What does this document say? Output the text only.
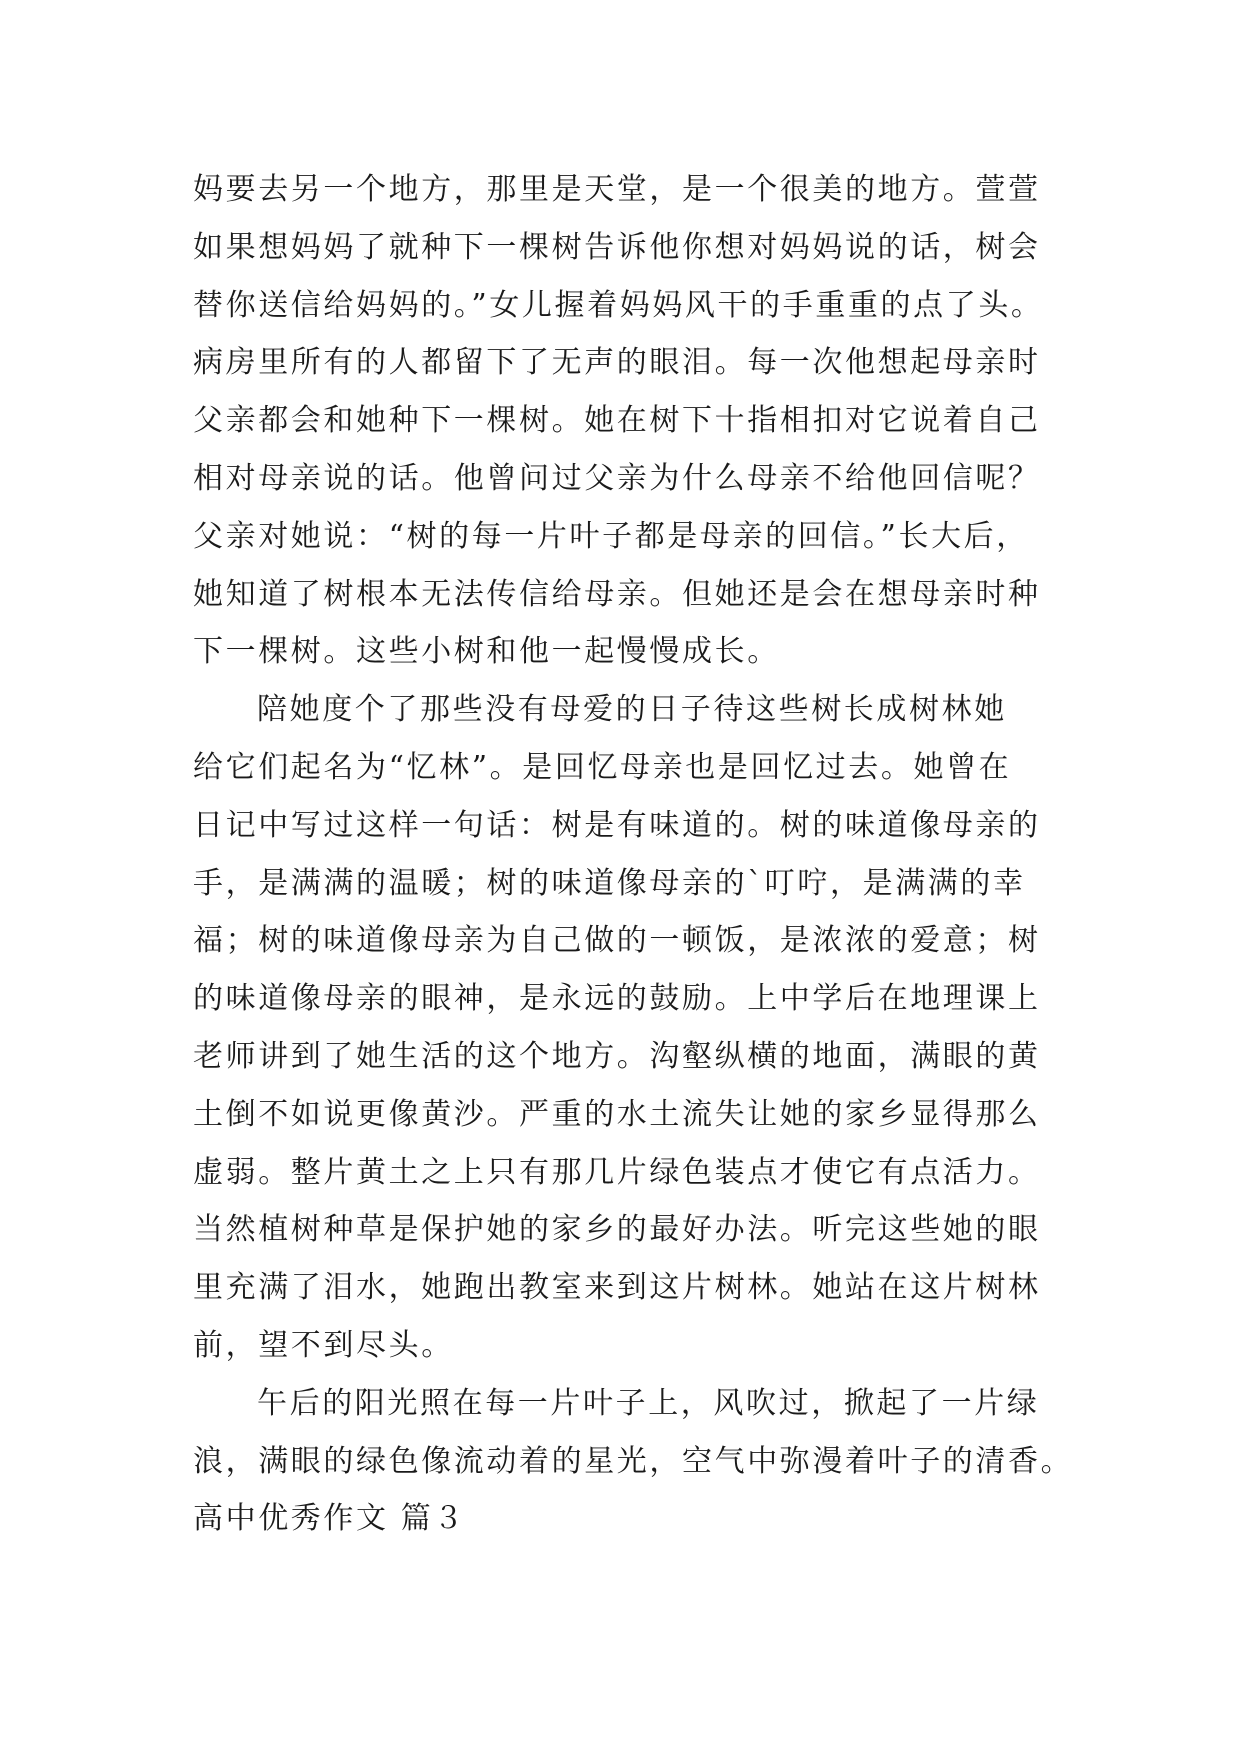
妈要去另一个地方，那里是天堂，是一个很美的地方。萱萱
如果想妈妈了就种下一棵树告诉他你想对妈妈说的话，树会
替你送信给妈妈的。”女儿握着妈妈风干的手重重的点了头。
病房里所有的人都留下了无声的眼泪。每一次他想起母亲时
父亲都会和她种下一棵树。她在树下十指相扣对它说着自己
相对母亲说的话。他曾问过父亲为什么母亲不给他回信呢？
父亲对她说：“树的每一片叶子都是母亲的回信。”长大后，
她知道了树根本无法传信给母亲。但她还是会在想母亲时种
下一棵树。这些小树和他一起慢慢成长。
陪她度个了那些没有母爱的日子待这些树长成树林她
给它们起名为“忆林”。是回忆母亲也是回忆过去。她曾在
日记中写过这样一句话：树是有味道的。树的味道像母亲的
手，是满满的温暖；树的味道像母亲的`叮咛，是满满的幸
福；树的味道像母亲为自己做的一顿饭，是浓浓的爱意；树
的味道像母亲的眼神，是永远的鼓励。上中学后在地理课上
老师讲到了她生活的这个地方。沟壑纵横的地面，满眼的黄
土倒不如说更像黄沙。严重的水土流失让她的家乡显得那么
虚弱。整片黄土之上只有那几片绿色装点才使它有点活力。
当然植树种草是保护她的家乡的最好办法。听完这些她的眼
里充满了泪水，她跑出教室来到这片树林。她站在这片树林
前，望不到尽头。
午后的阳光照在每一片叶子上，风吹过，掀起了一片绿
浪，满眼的绿色像流动着的星光，空气中弥漫着叶子的清香。
高中优秀作文 篇３
